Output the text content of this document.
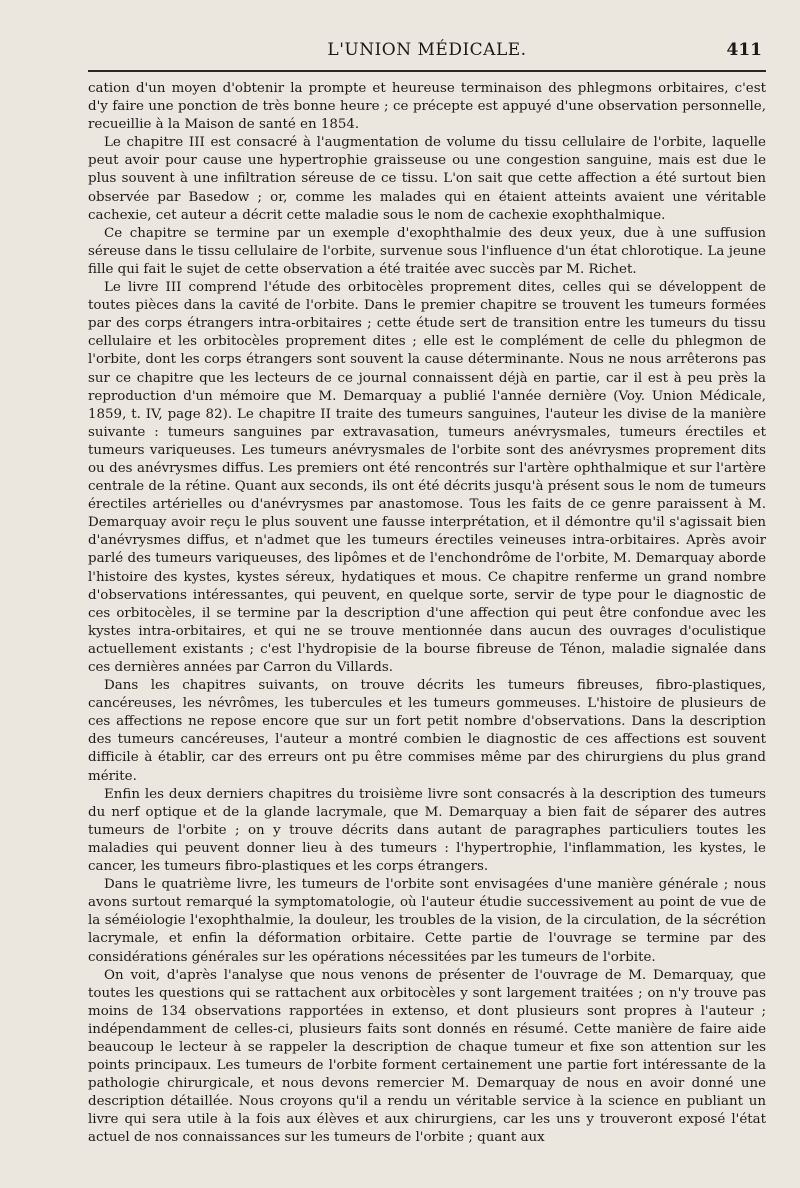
L'UNION MÉDICALE.	411

cation d'un moyen d'obtenir la prompte et heureuse terminaison des phlegmons orbitaires, c'est d'y faire une ponction de très bonne heure ; ce précepte est appuyé d'une observation personnelle, recueillie à la Maison de santé en 1854.

Le chapitre III est consacré à l'augmentation de volume du tissu cellulaire de l'orbite, laquelle peut avoir pour cause une hypertrophie graisseuse ou une congestion sanguine, mais est due le plus souvent à une infiltration séreuse de ce tissu. L'on sait que cette affection a été surtout bien observée par Basedow ; or, comme les malades qui en étaient atteints avaient une véritable cachexie, cet auteur a décrit cette maladie sous le nom de cachexie exophthalmique.

Ce chapitre se termine par un exemple d'exophthalmie des deux yeux, due à une suffusion séreuse dans le tissu cellulaire de l'orbite, survenue sous l'influence d'un état chlorotique. La jeune fille qui fait le sujet de cette observation a été traitée avec succès par M. Richet.

Le livre III comprend l'étude des orbitocèles proprement dites, celles qui se développent de toutes pièces dans la cavité de l'orbite. Dans le premier chapitre se trouvent les tumeurs formées par des corps étrangers intra-orbitaires ; cette étude sert de transition entre les tumeurs du tissu cellulaire et les orbitocèles proprement dites ; elle est le complément de celle du phlegmon de l'orbite, dont les corps étrangers sont souvent la cause déterminante. Nous ne nous arrêterons pas sur ce chapitre que les lecteurs de ce journal connaissent déjà en partie, car il est à peu près la reproduction d'un mémoire que M. Demarquay a publié l'année dernière (Voy. Union Médicale, 1859, t. IV, page 82). Le chapitre II traite des tumeurs sanguines, l'auteur les divise de la manière suivante : tumeurs sanguines par extravasation, tumeurs anévrysmales, tumeurs érectiles et tumeurs variqueuses. Les tumeurs anévrysmales de l'orbite sont des anévrysmes proprement dits ou des anévrysmes diffus. Les premiers ont été rencontrés sur l'artère ophthalmique et sur l'artère centrale de la rétine. Quant aux seconds, ils ont été décrits jusqu'à présent sous le nom de tumeurs érectiles artérielles ou d'anévrysmes par anastomose. Tous les faits de ce genre paraissent à M. Demarquay avoir reçu le plus souvent une fausse interprétation, et il démontre qu'il s'agissait bien d'anévrysmes diffus, et n'admet que les tumeurs érectiles veineuses intra-orbitaires. Après avoir parlé des tumeurs variqueuses, des lipômes et de l'enchondrôme de l'orbite, M. Demarquay aborde l'histoire des kystes, kystes séreux, hydatiques et mous. Ce chapitre renferme un grand nombre d'observations intéressantes, qui peuvent, en quelque sorte, servir de type pour le diagnostic de ces orbitocèles, il se termine par la description d'une affection qui peut être confondue avec les kystes intra-orbitaires, et qui ne se trouve mentionnée dans aucun des ouvrages d'oculistique actuellement existants ; c'est l'hydropisie de la bourse fibreuse de Ténon, maladie signalée dans ces dernières années par Carron du Villards.

Dans les chapitres suivants, on trouve décrits les tumeurs fibreuses, fibro-plastiques, cancéreuses, les névrômes, les tubercules et les tumeurs gommeuses. L'histoire de plusieurs de ces affections ne repose encore que sur un fort petit nombre d'observations. Dans la description des tumeurs cancéreuses, l'auteur a montré combien le diagnostic de ces affections est souvent difficile à établir, car des erreurs ont pu être commises même par des chirurgiens du plus grand mérite.

Enfin les deux derniers chapitres du troisième livre sont consacrés à la description des tumeurs du nerf optique et de la glande lacrymale, que M. Demarquay a bien fait de séparer des autres tumeurs de l'orbite ; on y trouve décrits dans autant de paragraphes particuliers toutes les maladies qui peuvent donner lieu à des tumeurs : l'hypertrophie, l'inflammation, les kystes, le cancer, les tumeurs fibro-plastiques et les corps étrangers.

Dans le quatrième livre, les tumeurs de l'orbite sont envisagées d'une manière générale ; nous avons surtout remarqué la symptomatologie, où l'auteur étudie successivement au point de vue de la séméiologie l'exophthalmie, la douleur, les troubles de la vision, de la circulation, de la sécrétion lacrymale, et enfin la déformation orbitaire. Cette partie de l'ouvrage se termine par des considérations générales sur les opérations nécessitées par les tumeurs de l'orbite.

On voit, d'après l'analyse que nous venons de présenter de l'ouvrage de M. Demarquay, que toutes les questions qui se rattachent aux orbitocèles y sont largement traitées ; on n'y trouve pas moins de 134 observations rapportées in extenso, et dont plusieurs sont propres à l'auteur ; indépendamment de celles-ci, plusieurs faits sont donnés en résumé. Cette manière de faire aide beaucoup le lecteur à se rappeler la description de chaque tumeur et fixe son attention sur les points principaux. Les tumeurs de l'orbite forment certainement une partie fort intéressante de la pathologie chirurgicale, et nous devons remercier M. Demarquay de nous en avoir donné une description détaillée. Nous croyons qu'il a rendu un véritable service à la science en publiant un livre qui sera utile à la fois aux élèves et aux chirurgiens, car les uns y trouveront exposé l'état actuel de nos connaissances sur les tumeurs de l'orbite ; quant aux
